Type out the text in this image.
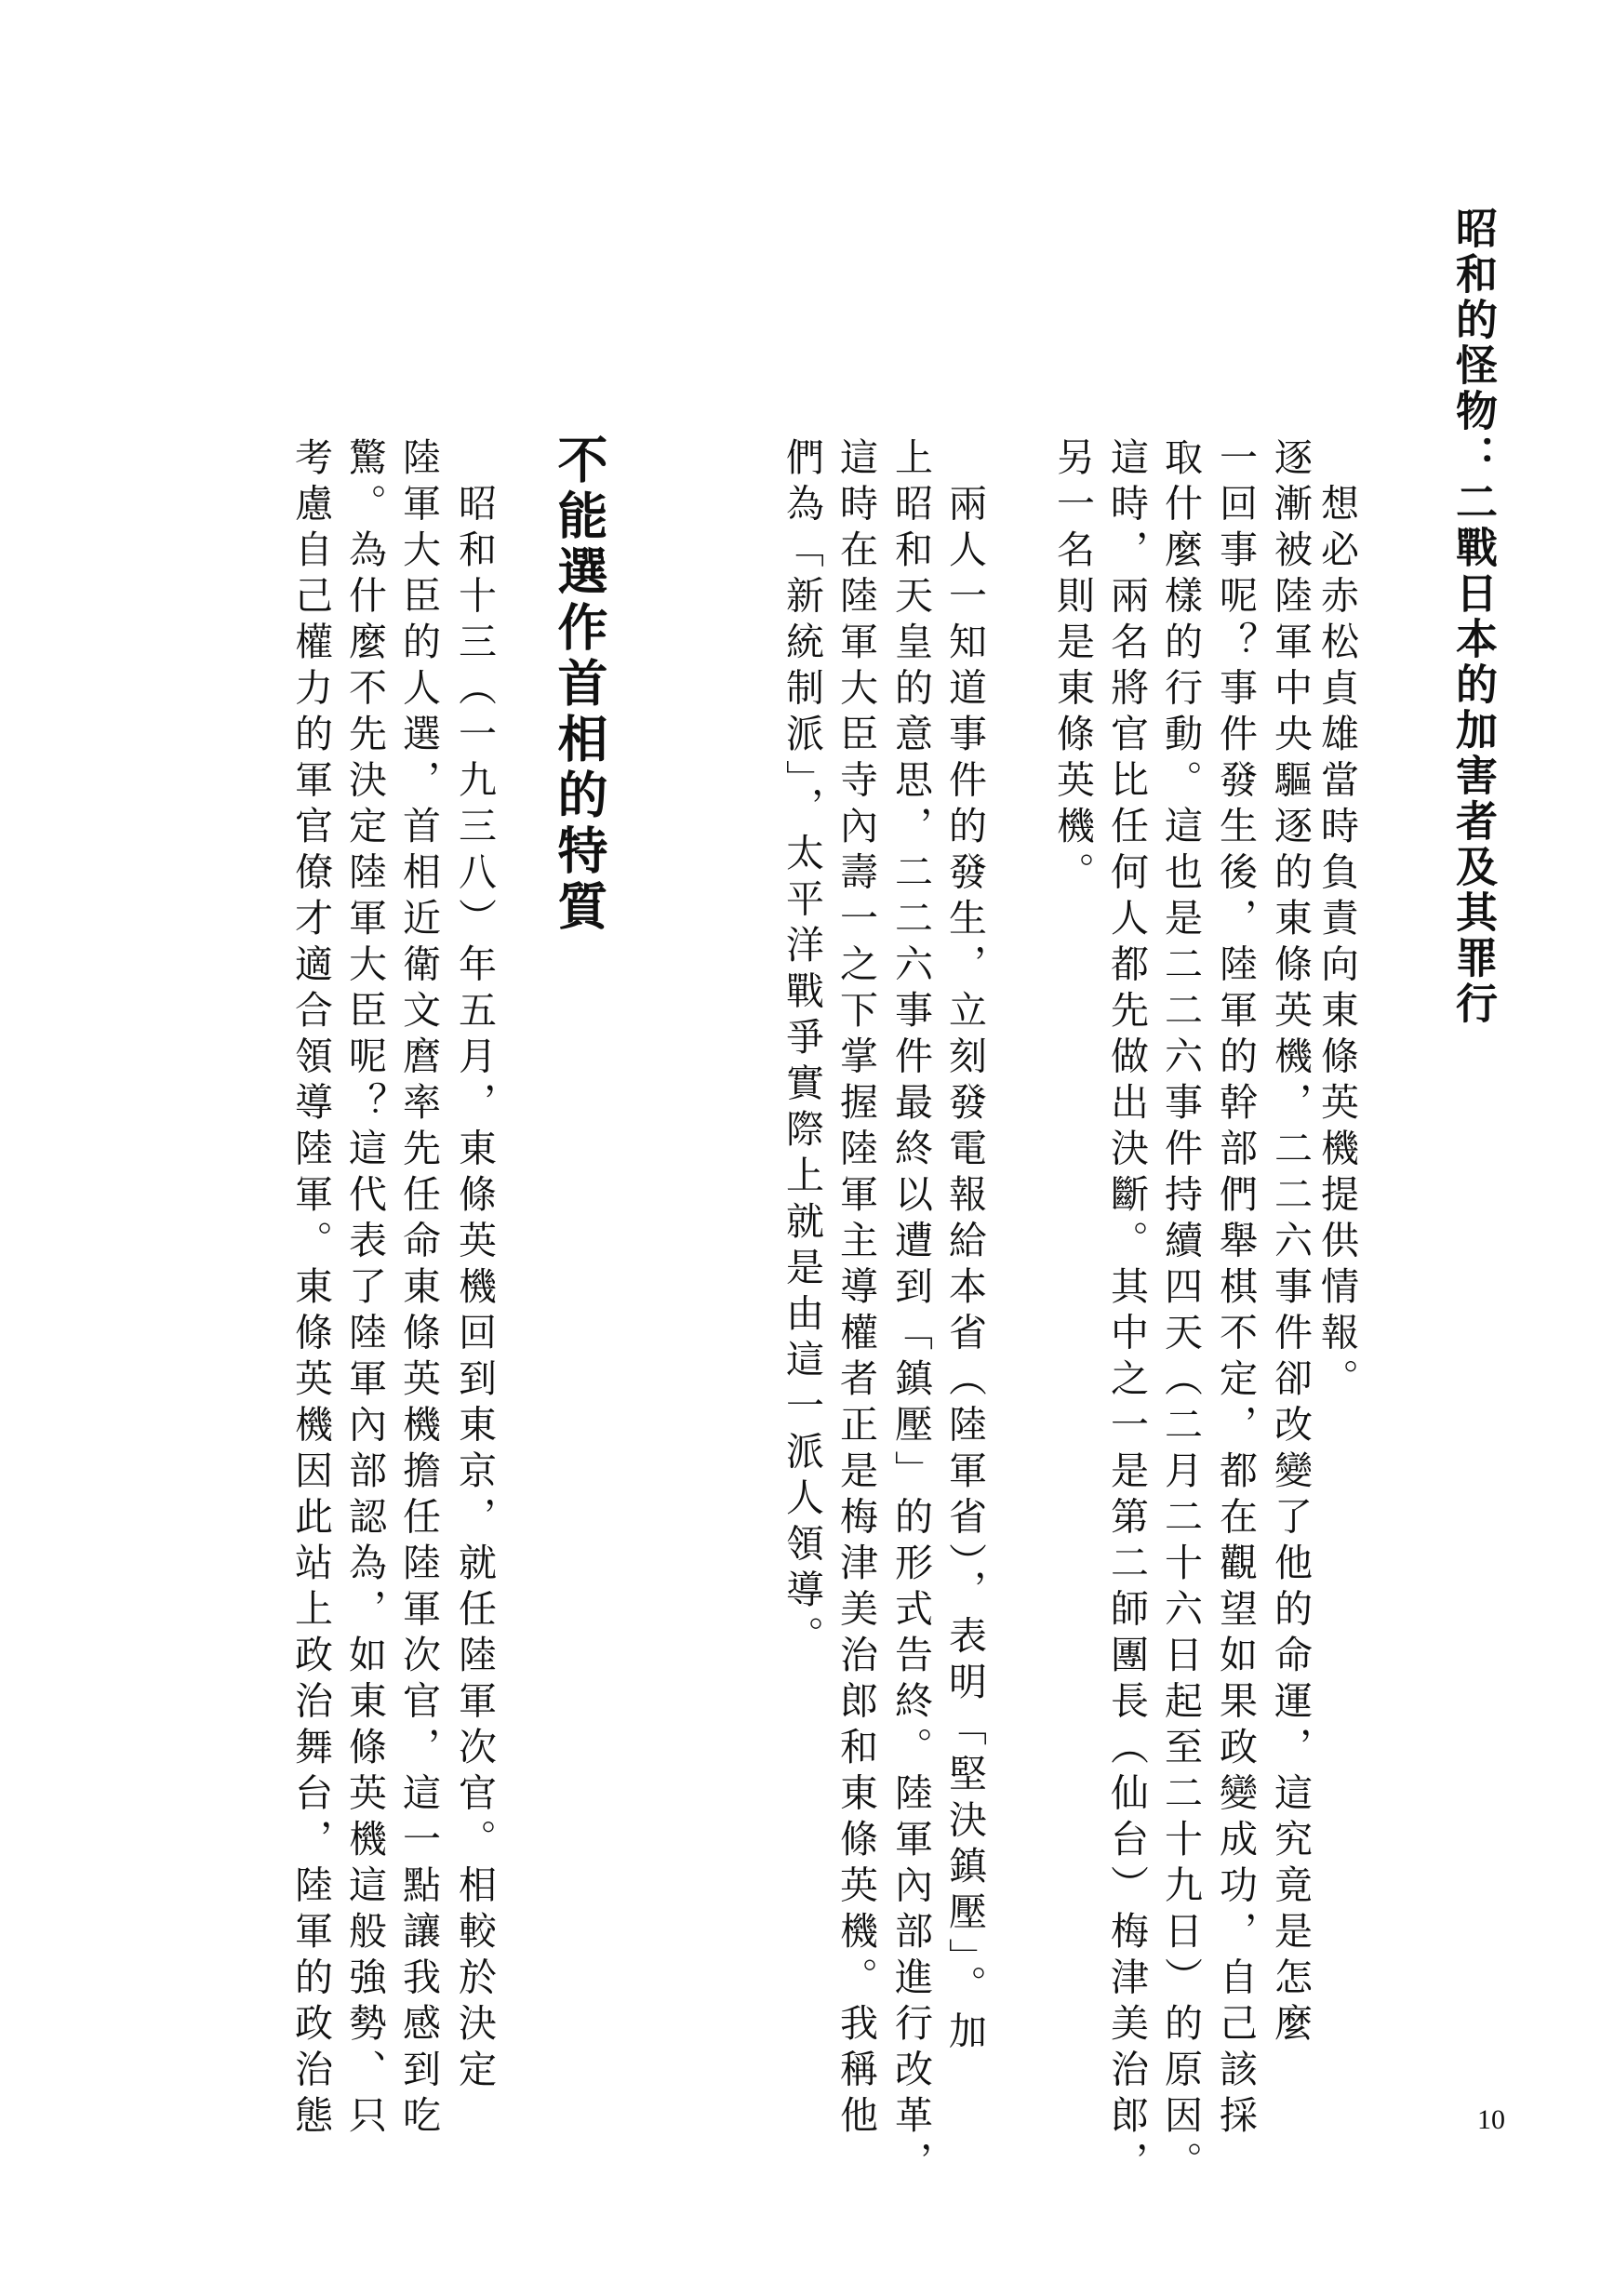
昭和的怪物：二戰日本的加害者及其罪行

　想必赤松貞雄當時負責向東條英機提供情報。

逐漸被陸軍中央驅逐的東條英機，二二六事件卻改變了他的命運，這究竟是怎麼

一回事呢？事件發生後，陸軍的幹部們舉棋不定，都在觀望如果政變成功，自己該採

取什麼樣的行動。這也是二二六事件持續四天（二月二十六日起至二十九日）的原因。

這時，兩名將官比任何人都先做出決斷。其中之一是第二師團長（仙台）梅津美治郎，

另一名則是東條英機。

　兩人一知道事件的發生，立刻發電報給本省（陸軍省），表明「堅決鎮壓」。加

上昭和天皇的意思，二二六事件最終以遭到「鎮壓」的形式告終。陸軍內部進行改革，

這時在陸軍大臣寺內壽一之下掌握陸軍主導權者正是梅津美治郎和東條英機。我稱他

們為「新統制派」，太平洋戰爭實際上就是由這一派人領導。

不能選作首相的特質

　昭和十三（一九三八）年五月，東條英機回到東京，就任陸軍次官。相較於決定

陸軍大臣的人選，首相近衛文麿率先任命東條英機擔任陸軍次官，這一點讓我感到吃

驚。為什麼不先決定陸軍大臣呢？這代表了陸軍內部認為，如東條英機這般強勢、只

考慮自己權力的軍官僚才適合領導陸軍。東條英機因此站上政治舞台，陸軍的政治態	10
